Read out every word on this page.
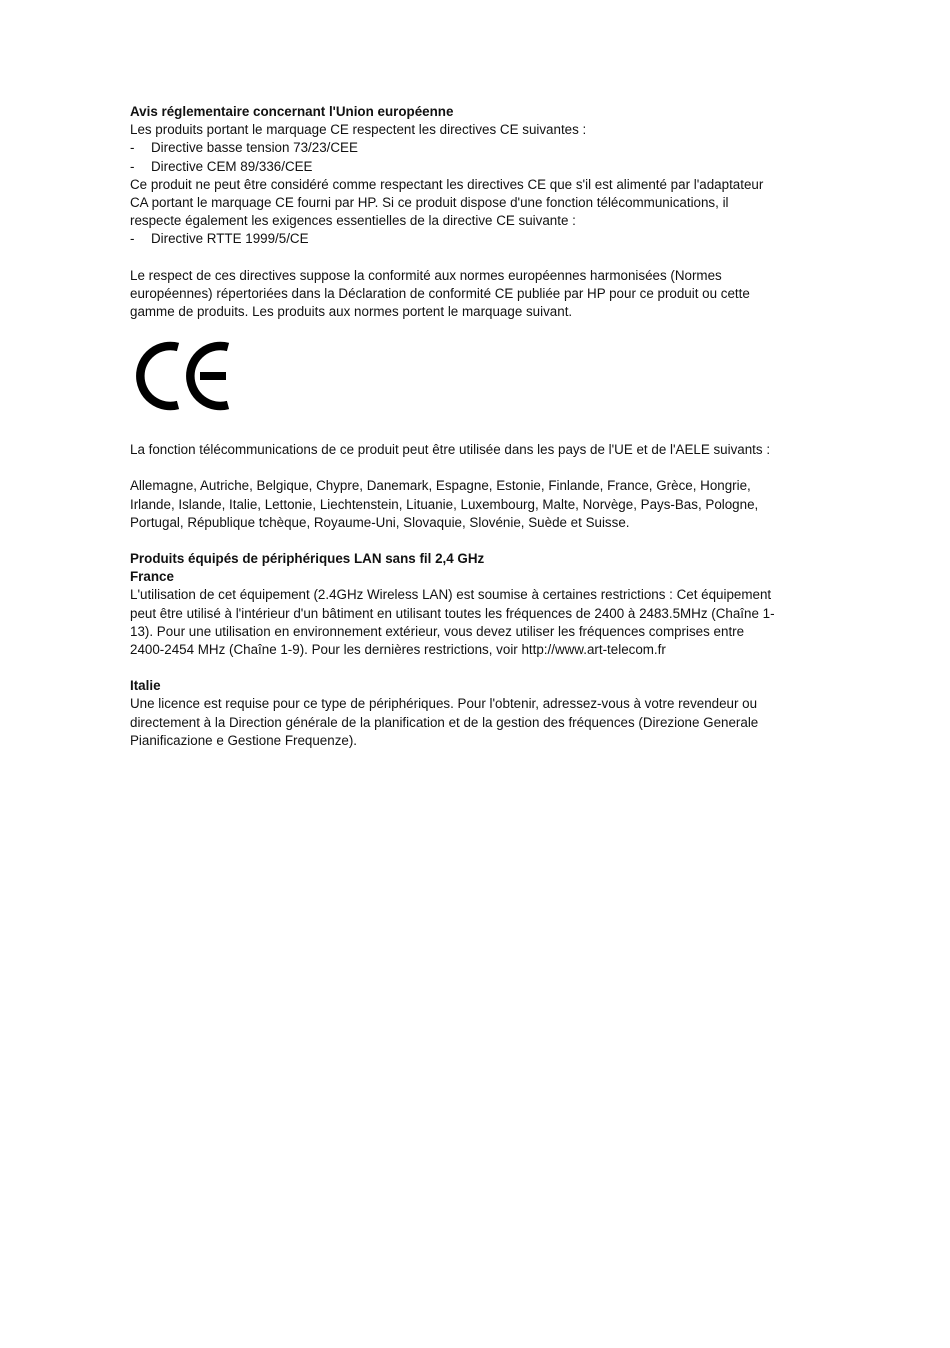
Avis réglementaire concernant l'Union européenne

Les produits portant le marquage CE respectent les directives CE suivantes :

- Directive basse tension 73/23/CEE
- Directive CEM 89/336/CEE

Ce produit ne peut être considéré comme respectant les directives CE que s'il est alimenté par l'adaptateur CA portant le marquage CE fourni par HP. Si ce produit dispose d'une fonction télécommunications, il respecte également les exigences essentielles de la directive CE suivante :

- Directive RTTE 1999/5/CE

Le respect de ces directives suppose la conformité aux normes européennes harmonisées (Normes européennes) répertoriées dans la Déclaration de conformité CE publiée par HP pour ce produit ou cette gamme de produits. Les produits aux normes portent le marquage suivant.

La fonction télécommunications de ce produit peut être utilisée dans les pays de l'UE et de l'AELE suivants :

Allemagne, Autriche, Belgique, Chypre, Danemark, Espagne, Estonie, Finlande, France, Grèce, Hongrie, Irlande, Islande, Italie, Lettonie, Liechtenstein, Lituanie, Luxembourg, Malte, Norvège, Pays-Bas, Pologne, Portugal, République tchèque, Royaume-Uni, Slovaquie, Slovénie, Suède et Suisse.

Produits équipés de périphériques LAN sans fil 2,4 GHz

France

L'utilisation de cet équipement (2.4GHz Wireless LAN) est soumise à certaines restrictions : Cet équipement peut être utilisé à l'intérieur d'un bâtiment en utilisant toutes les fréquences de 2400 à 2483.5MHz (Chaîne 1-13). Pour une utilisation en environnement extérieur, vous devez utiliser les fréquences comprises entre 2400-2454 MHz (Chaîne 1-9). Pour les dernières restrictions, voir http://www.art-telecom.fr

Italie

Une licence est requise pour ce type de périphériques. Pour l'obtenir, adressez-vous à votre revendeur ou directement à la Direction générale de la planification et de la gestion des fréquences (Direzione Generale Pianificazione e Gestione Frequenze).
